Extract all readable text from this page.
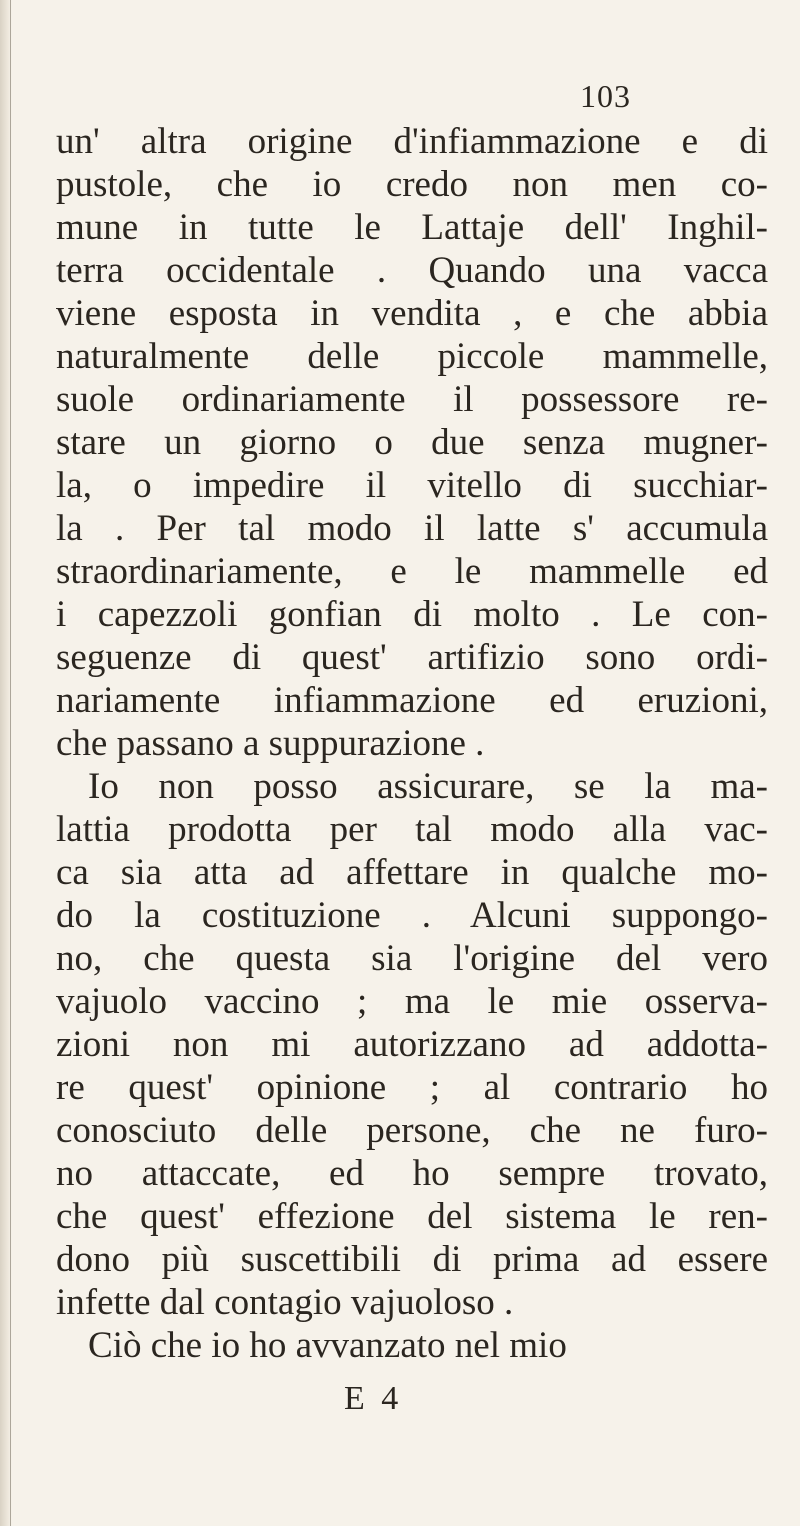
103
un' altra origine d'infiammazione e di
pustole, che io credo non men co-
mune in tutte le Lattaje dell' Inghil-
terra occidentale . Quando una vacca
viene esposta in vendita , e che abbia
naturalmente delle piccole mammelle,
suole ordinariamente il possessore re-
stare un giorno o due senza mugner-
la, o impedire il vitello di succhiar-
la . Per tal modo il latte s' accumula
straordinariamente, e le mammelle ed
i capezzoli gonfian di molto . Le con-
seguenze di quest' artifizio sono ordi-
nariamente infiammazione ed eruzioni,
che passano a suppurazione .
Io non posso assicurare, se la ma-
lattia prodotta per tal modo alla vac-
ca sia atta ad affettare in qualche mo-
do la costituzione . Alcuni suppongo-
no, che questa sia l'origine del vero
vajuolo vaccino ; ma le mie osserva-
zioni non mi autorizzano ad addotta-
re quest' opinione ; al contrario ho
conosciuto delle persone, che ne furo-
no attaccate, ed ho sempre trovato,
che quest' effezione del sistema le ren-
dono più suscettibili di prima ad essere
infette dal contagio vajuoloso .
Ciò che io ho avvanzato nel mio
E 4
